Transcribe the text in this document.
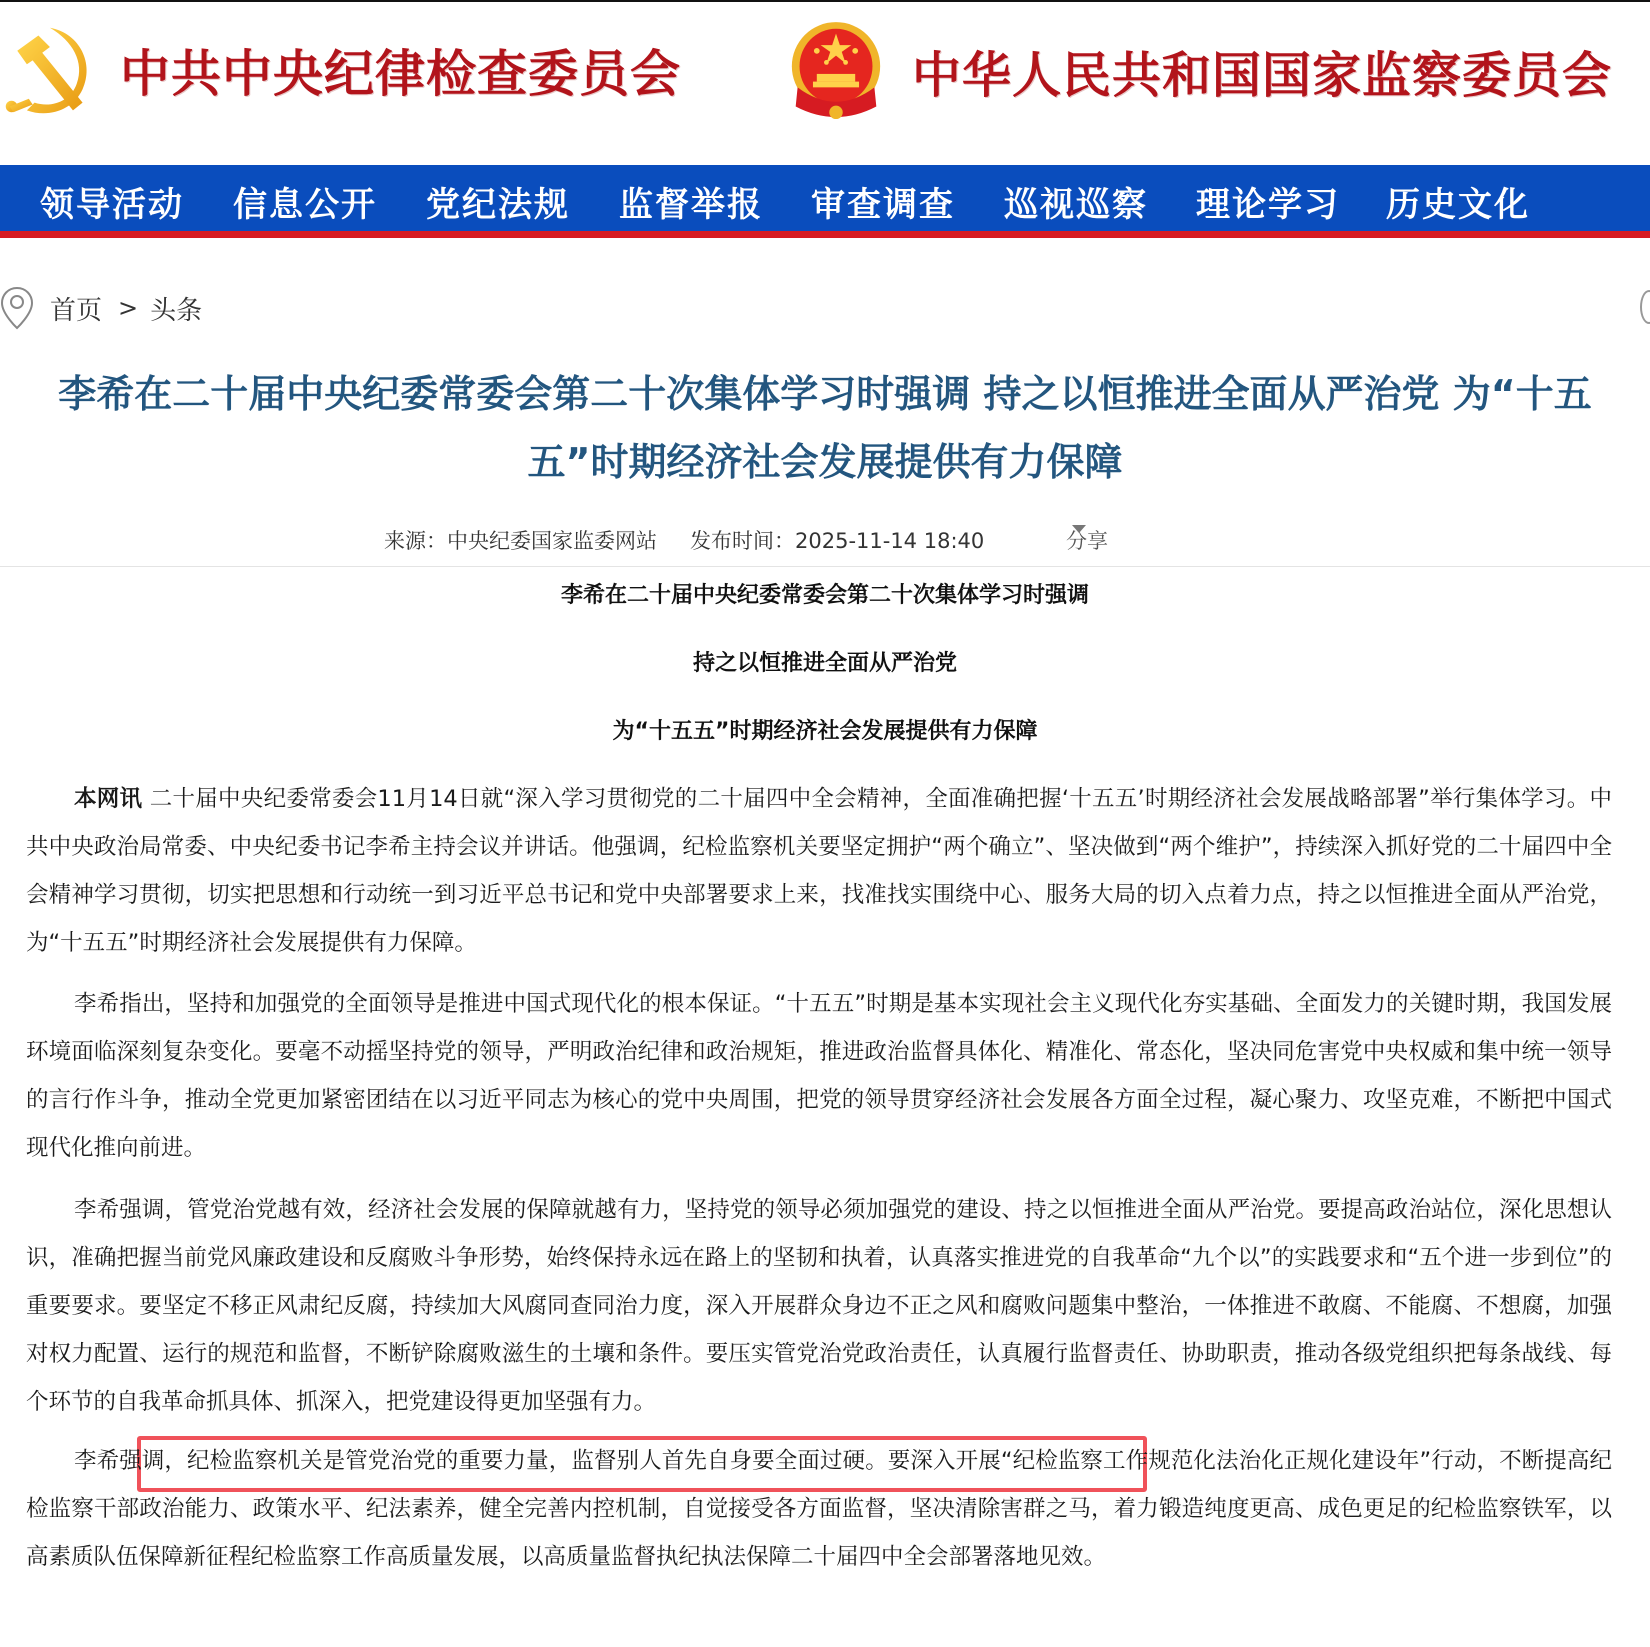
中共中央纪律检查委员会	中华人民共和国国家监察委员会
领导活动 信息公开 党纪法规 监督举报 审查调查 巡视巡察 理论学习 历史文化
首页 > 头条
李希在二十届中央纪委常委会第二十次集体学习时强调 持之以恒推进全面从严治党 为“十五
五”时期经济社会发展提供有力保障
来源：中央纪委国家监委网站 发布时间：2025-11-14 18:40	分享
李希在二十届中央纪委常委会第二十次集体学习时强调
持之以恒推进全面从严治党
为“十五五”时期经济社会发展提供有力保障
本网讯 二十届中央纪委常委会11月14日就“深入学习贯彻党的二十届四中全会精神，全面准确把握‘十五五’时期经济社会发展战略部署”举行集体学习。中共中央政治局常委、中央纪委书记李希主持会议并讲话。他强调，纪检监察机关要坚定拥护“两个确立”、坚决做到“两个维护”，持续深入抓好党的二十届四中全会精神学习贯彻，切实把思想和行动统一到习近平总书记和党中央部署要求上来，找准找实围绕中心、服务大局的切入点着力点，持之以恒推进全面从严治党，为“十五五”时期经济社会发展提供有力保障。
李希指出，坚持和加强党的全面领导是推进中国式现代化的根本保证。“十五五”时期是基本实现社会主义现代化夯实基础、全面发力的关键时期，我国发展环境面临深刻复杂变化。要毫不动摇坚持党的领导，严明政治纪律和政治规矩，推进政治监督具体化、精准化、常态化，坚决同危害党中央权威和集中统一领导的言行作斗争，推动全党更加紧密团结在以习近平同志为核心的党中央周围，把党的领导贯穿经济社会发展各方面全过程，凝心聚力、攻坚克难，不断把中国式现代化推向前进。
李希强调，管党治党越有效，经济社会发展的保障就越有力，坚持党的领导必须加强党的建设、持之以恒推进全面从严治党。要提高政治站位，深化思想认识，准确把握当前党风廉政建设和反腐败斗争形势，始终保持永远在路上的坚韧和执着，认真落实推进党的自我革命“九个以”的实践要求和“五个进一步到位”的重要要求。要坚定不移正风肃纪反腐，持续加大风腐同查同治力度，深入开展群众身边不正之风和腐败问题集中整治，一体推进不敢腐、不能腐、不想腐，加强对权力配置、运行的规范和监督，不断铲除腐败滋生的土壤和条件。要压实管党治党政治责任，认真履行监督责任、协助职责，推动各级党组织把每条战线、每个环节的自我革命抓具体、抓深入，把党建设得更加坚强有力。
李希强调，纪检监察机关是管党治党的重要力量，监督别人首先自身要全面过硬。要深入开展“纪检监察工作规范化法治化正规化建设年”行动，不断提高纪检监察干部政治能力、政策水平、纪法素养，健全完善内控机制，自觉接受各方面监督，坚决清除害群之马，着力锻造纯度更高、成色更足的纪检监察铁军，以高素质队伍保障新征程纪检监察工作高质量发展，以高质量监督执纪执法保障二十届四中全会部署落地见效。
